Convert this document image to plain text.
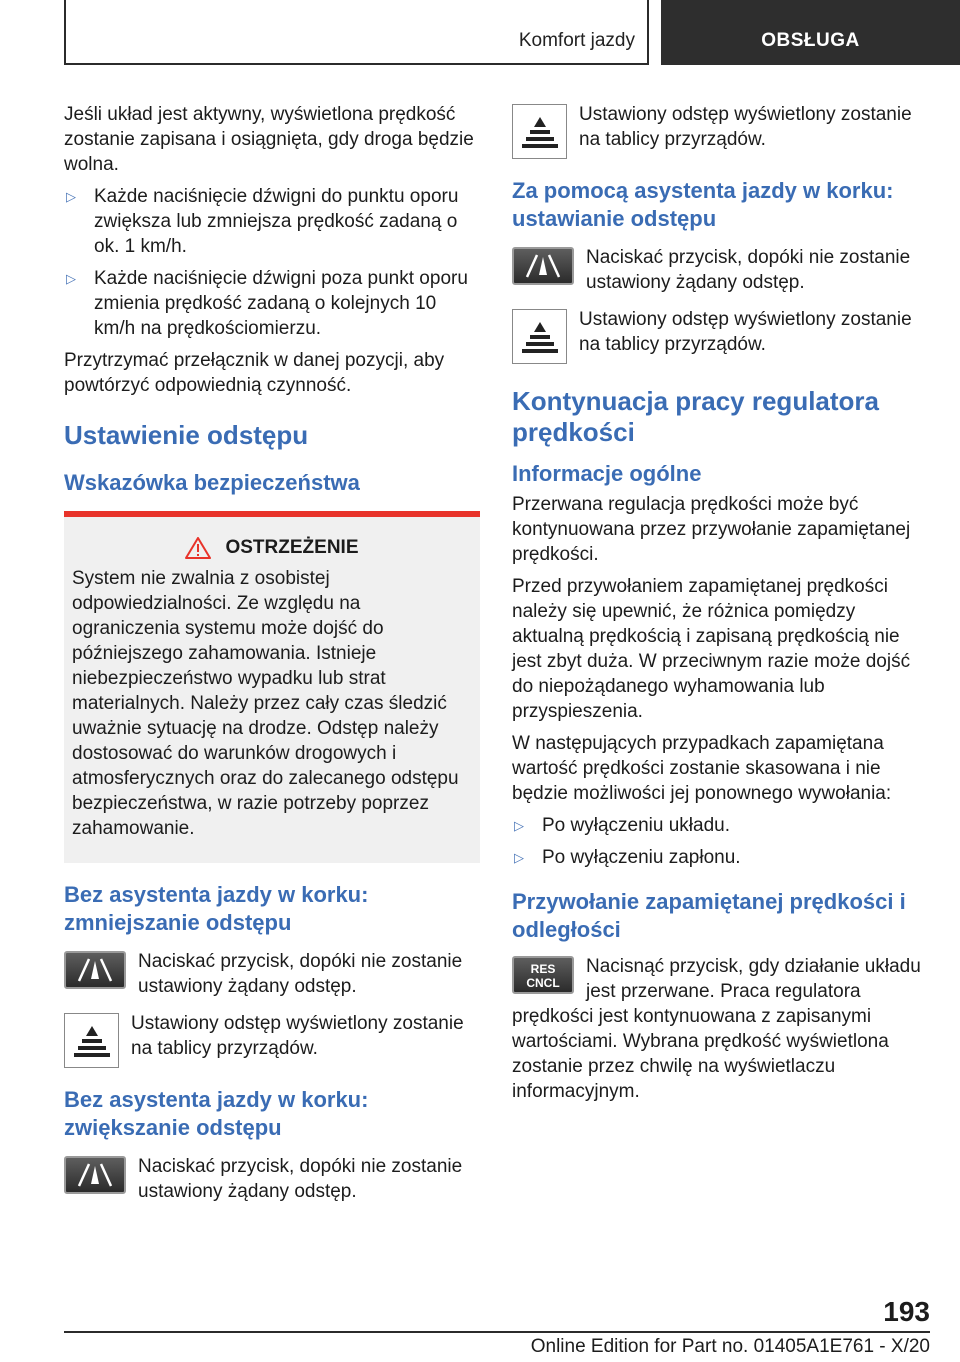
Komfort jazdy	OBSŁUGA

Jeśli układ jest aktywny, wyświetlona prędkość zostanie zapisana i osiągnięta, gdy droga będzie wolna.

▷ Każde naciśnięcie dźwigni do punktu oporu zwiększa lub zmniejsza prędkość zadaną o ok. 1 km/h.
▷ Każde naciśnięcie dźwigni poza punkt oporu zmienia prędkość zadaną o kolejnych 10 km/h na prędkościomierzu.

Przytrzymać przełącznik w danej pozycji, aby powtórzyć odpowiednią czynność.

Ustawienie odstępu
Wskazówka bezpieczeństwa
OSTRZEŻENIE
System nie zwalnia z osobistej odpowiedzialności. Ze względu na ograniczenia systemu może dojść do późniejszego zahamowania. Istnieje niebezpieczeństwo wypadku lub strat materialnych. Należy przez cały czas śledzić uważnie sytuację na drodze. Odstęp należy dostosować do warunków drogowych i atmosferycznych oraz do zalecanego odstępu bezpieczeństwa, w razie potrzeby poprzez zahamowanie.
Bez asystenta jazdy w korku: zmniejszanie odstępu
Naciskać przycisk, dopóki nie zostanie ustawiony żądany odstęp.
Ustawiony odstęp wyświetlony zostanie na tablicy przyrządów.
Bez asystenta jazdy w korku: zwiększanie odstępu
Naciskać przycisk, dopóki nie zostanie ustawiony żądany odstęp.
Ustawiony odstęp wyświetlony zostanie na tablicy przyrządów.
Za pomocą asystenta jazdy w korku: ustawianie odstępu
Naciskać przycisk, dopóki nie zostanie ustawiony żądany odstęp.
Ustawiony odstęp wyświetlony zostanie na tablicy przyrządów.
Kontynuacja pracy regulatora prędkości
Informacje ogólne

Przerwana regulacja prędkości może być kontynuowana przez przywołanie zapamiętanej prędkości.

Przed przywołaniem zapamiętanej prędkości należy się upewnić, że różnica pomiędzy aktualną prędkością i zapisaną prędkością nie jest zbyt duża. W przeciwnym razie może dojść do niepożądanego wyhamowania lub przyspieszenia.

W następujących przypadkach zapamiętana wartość prędkości zostanie skasowana i nie będzie możliwości jej ponownego wywołania:

▷ Po wyłączeniu układu.
▷ Po wyłączeniu zapłonu.
Przywołanie zapamiętanej prędkości i odległości
RES
CNCL
Nacisnąć przycisk, gdy działanie układu jest przerwane. Praca regulatora prędkości jest kontynuowana z zapisanymi wartościami. Wybrana prędkość wyświetlona zostanie przez chwilę na wyświetlaczu informacyjnym.
193
Online Edition for Part no. 01405A1E761 - X/20
